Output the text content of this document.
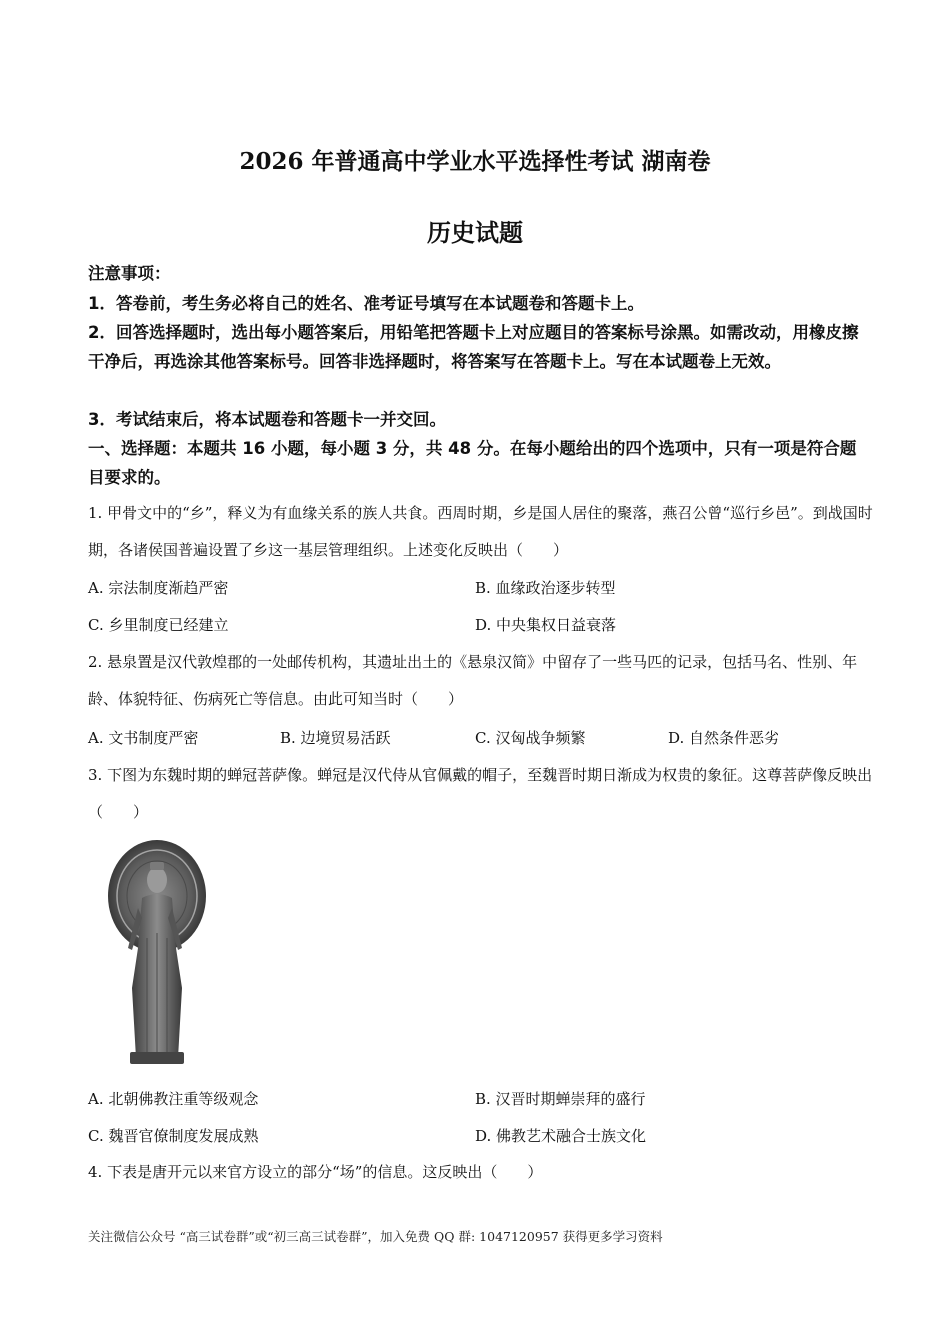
2026 年普通高中学业水平选择性考试 湖南卷
历史试题
注意事项：
1．答卷前，考生务必将自己的姓名、准考证号填写在本试题卷和答题卡上。
2．回答选择题时，选出每小题答案后，用铅笔把答题卡上对应题目的答案标号涂黑。如需改动，用橡皮擦干净后，再选涂其他答案标号。回答非选择题时，将答案写在答题卡上。写在本试题卷上无效。
3．考试结束后，将本试题卷和答题卡一并交回。
一、选择题：本题共 16 小题，每小题 3 分，共 48 分。在每小题给出的四个选项中，只有一项是符合题目要求的。
1. 甲骨文中的“乡”，释义为有血缘关系的族人共食。西周时期，乡是国人居住的聚落，燕召公曾“巡行乡邑”。到战国时期，各诸侯国普遍设置了乡这一基层管理组织。上述变化反映出（　　）
A. 宗法制度渐趋严密	B. 血缘政治逐步转型
C. 乡里制度已经建立	D. 中央集权日益衰落
2. 悬泉置是汉代敦煌郡的一处邮传机构，其遗址出土的《悬泉汉简》中留存了一些马匹的记录，包括马名、性别、年龄、体貌特征、伤病死亡等信息。由此可知当时（　　）
A. 文书制度严密	B. 边境贸易活跃	C. 汉匈战争频繁	D. 自然条件恶劣
3. 下图为东魏时期的蝉冠菩萨像。蝉冠是汉代侍从官佩戴的帽子，至魏晋时期日渐成为权贵的象征。这尊菩萨像反映出（　　）
A. 北朝佛教注重等级观念	B. 汉晋时期蝉崇拜的盛行
C. 魏晋官僚制度发展成熟	D. 佛教艺术融合士族文化
4. 下表是唐开元以来官方设立的部分“场”的信息。这反映出（　　）
关注微信公众号 “高三试卷群”或“初三高三试卷群”，加入免费 QQ 群: 1047120957 获得更多学习资料
